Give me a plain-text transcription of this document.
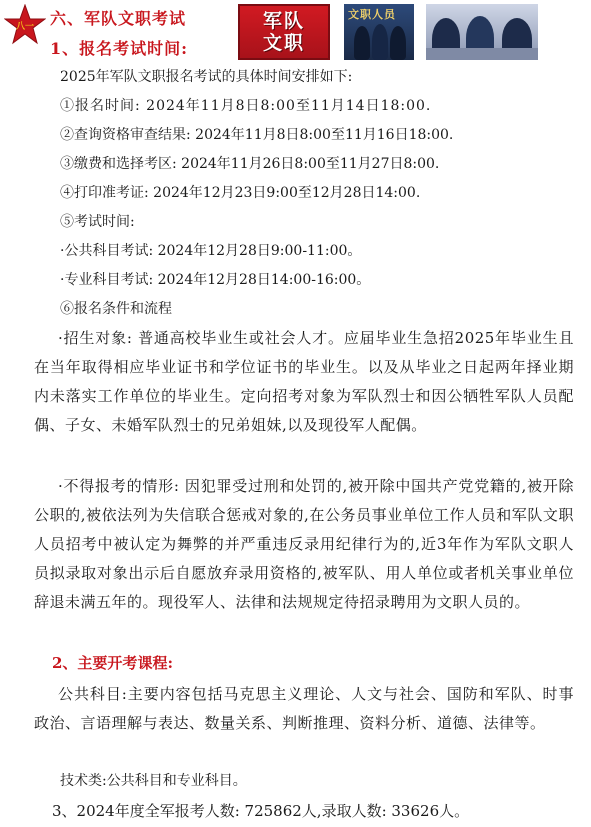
八一 六、军队文职考试
1、报名考试时间:
军队
文职
文职人员
2025年军队文职报名考试的具体时间安排如下:
①报名时间: 2024年11月8日8:00至11月14日18:00.
②查询资格审查结果: 2024年11月8日8:00至11月16日18:00.
③缴费和选择考区: 2024年11月26日8:00至11月27日8:00.
④打印准考证: 2024年12月23日9:00至12月28日14:00.
⑤考试时间:
·公共科目考试: 2024年12月28日9:00-11:00。
·专业科目考试: 2024年12月28日14:00-16:00。
⑥报名条件和流程
·招生对象: 普通高校毕业生或社会人才。应届毕业生急招2025年毕业生且在当年取得相应毕业证书和学位证书的毕业生。以及从毕业之日起两年择业期内未落实工作单位的毕业生。定向招考对象为军队烈士和因公牺牲军队人员配偶、子女、未婚军队烈士的兄弟姐妹,以及现役军人配偶。
·不得报考的情形: 因犯罪受过刑和处罚的,被开除中国共产党党籍的,被开除公职的,被依法列为失信联合惩戒对象的,在公务员事业单位工作人员和军队文职人员招考中被认定为舞弊的并严重违反录用纪律行为的,近3年作为军队文职人员拟录取对象出示后自愿放弃录用资格的,被军队、用人单位或者机关事业单位辞退未满五年的。现役军人、法律和法规规定待招录聘用为文职人员的。
2、主要开考课程:
公共科目:主要内容包括马克思主义理论、人文与社会、国防和军队、时事政治、言语理解与表达、数量关系、判断推理、资料分析、道德、法律等。
技术类:公共科目和专业科目。
3、2024年度全军报考人数: 725862人,录取人数: 33626人。
